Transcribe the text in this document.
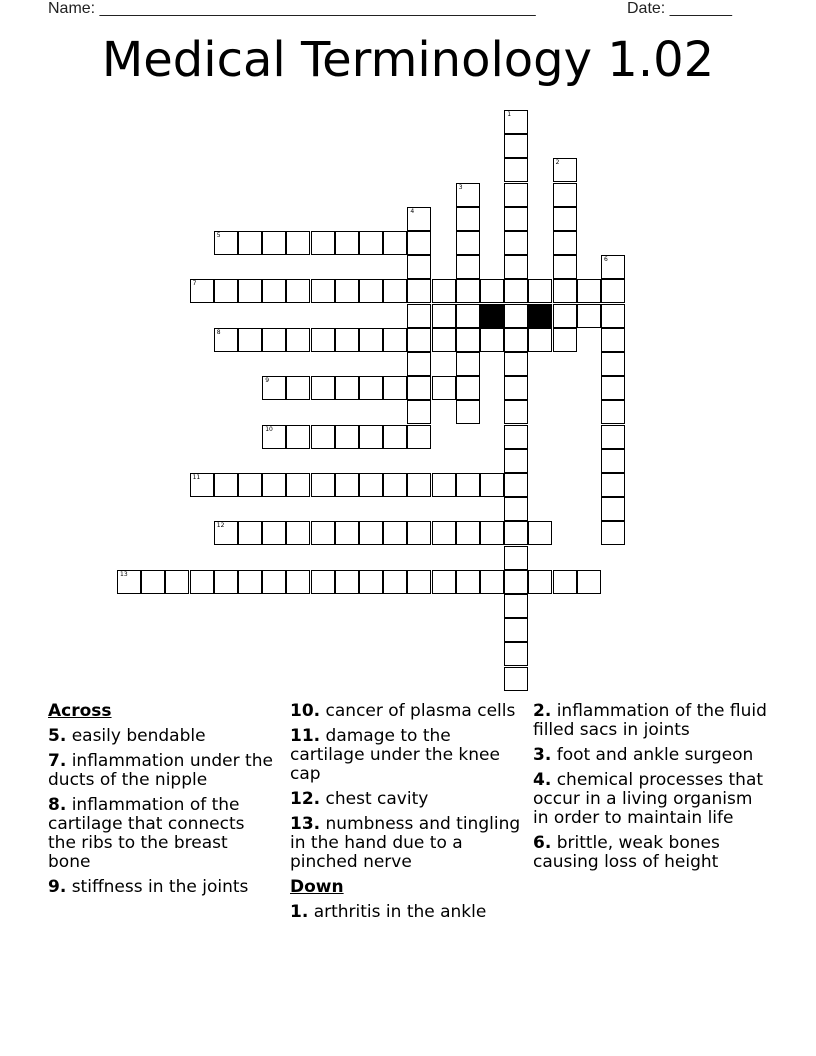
Name: _________________________________________________	Date: _______
Medical Terminology 1.02
1
2
3
4
5
6
7
8
9
10
11
12
13
Across
5. easily bendable
7. inflammation under the ducts of the nipple
8. inflammation of the cartilage that connects the ribs to the breast bone
9. stiffness in the joints
10. cancer of plasma cells
11. damage to the cartilage under the knee cap
12. chest cavity
13. numbness and tingling in the hand due to a pinched nerve
Down
1. arthritis in the ankle
2. inflammation of the fluid filled sacs in joints
3. foot and ankle surgeon
4. chemical processes that occur in a living organism in order to maintain life
6. brittle, weak bones causing loss of height
